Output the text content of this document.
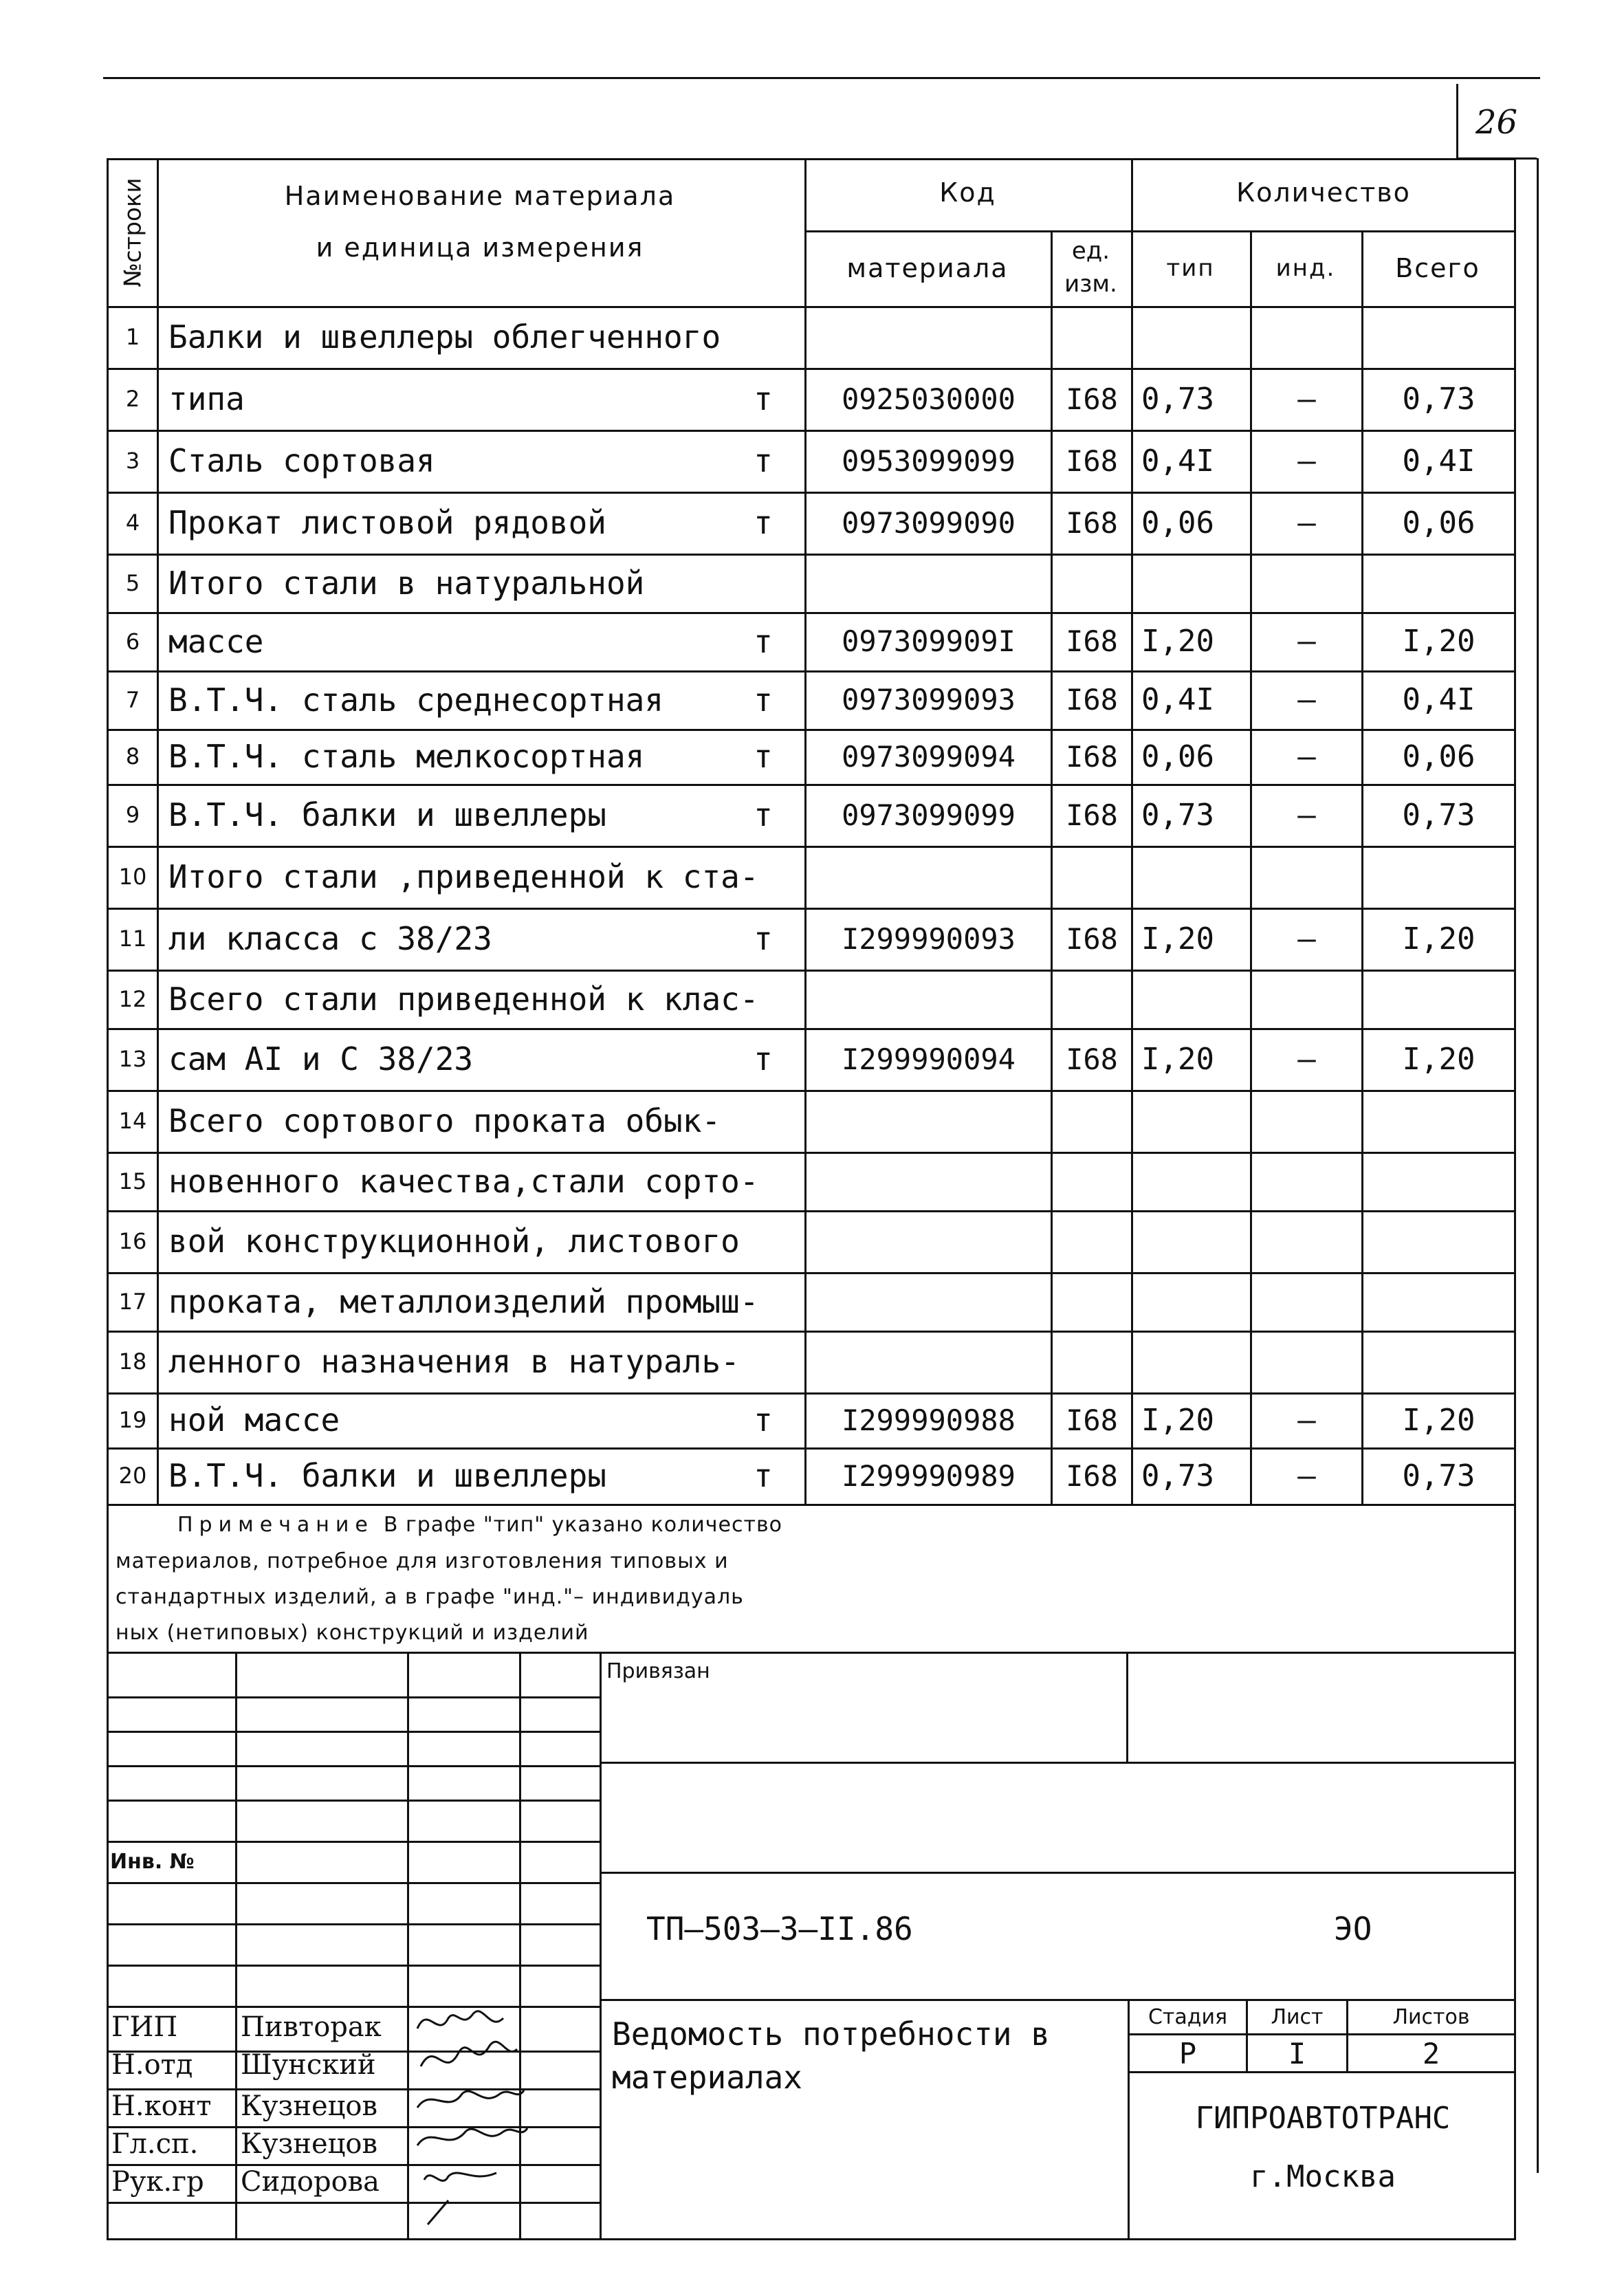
26
№строки	Наименование материала
и единица измерения
Код	Количество
материала
ед.
изм.
тип	инд.	Всего
1 Балки и швеллеры облегченного
2 типа	т	0925030000	I68 0,73	–	0,73
3 Сталь сортовая	т	0953099099	I68 0,4I	–	0,4I
4 Прокат листовой рядовой	т	0973099090	I68 0,06	–	0,06
5 Итого стали в натуральной
6 массе	т	097309909I	I68 I,20	–	I,20
7 В.Т.Ч. сталь среднесортная	т	0973099093	I68 0,4I	–	0,4I
8 В.Т.Ч. сталь мелкосортная	т	0973099094	I68 0,06	–	0,06
9 В.Т.Ч. балки и швеллеры	т	0973099099	I68 0,73	–	0,73
10 Итого стали ,приведенной к ста-
11 ли класса с 38/23	т	I299990093	I68 I,20	–	I,20
12 Всего стали приведенной к клас-
13 сам AI и С 38/23	т	I299990094	I68 I,20	–	I,20
14 Всего сортового проката обык-
15 новенного качества,стали сорто-
16 вой конструкционной, листового
17 проката, металлоизделий промыш-
18 ленного назначения в натураль-
19 ной массе	т	I299990988	I68 I,20	–	I,20
20 В.Т.Ч. балки и швеллеры	т	I299990989	I68 0,73	–	0,73
Примечание В графе "тип" указано количество
материалов, потребное для изготовления типовых и
стандартных изделий, а в графе "инд."– индивидуаль
ных (нетиповых) конструкций и изделий
Привязан
Инв. №
ТП–503–3–II.86	ЭО
Ведомость потребности в
материалах
Стадия	Лист	Листов
Р	I	2
ГИПРОАВТОТРАНС
г.Москва
ГИП	Пивторак
Н.отд	Шунский
Н.конт	Кузнецов
Гл.сп.	Кузнецов
Рук.гр	Сидорова
